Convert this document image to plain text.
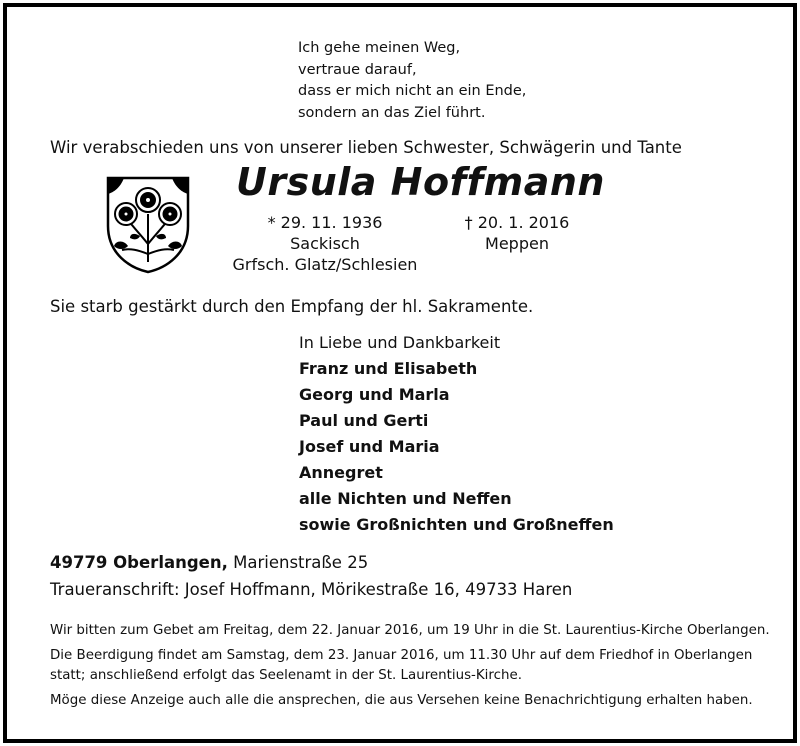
Ich gehe meinen Weg,
vertraue darauf,
dass er mich nicht an ein Ende,
sondern an das Ziel führt.
Wir verabschieden uns von unserer lieben Schwester, Schwägerin und Tante
Ursula Hoffmann
* 29. 11. 1936
Sackisch
Grfsch. Glatz/Schlesien
† 20. 1. 2016
Meppen
Sie starb gestärkt durch den Empfang der hl. Sakramente.
In Liebe und Dankbarkeit
Franz und Elisabeth
Georg und Marla
Paul und Gerti
Josef und Maria
Annegret
alle Nichten und Neffen
sowie Großnichten und Großneffen
49779 Oberlangen, Marienstraße 25
Traueranschrift: Josef Hoffmann, Mörikestraße 16, 49733 Haren
Wir bitten zum Gebet am Freitag, dem 22. Januar 2016, um 19 Uhr in die St. Laurentius-Kirche Oberlangen.
Die Beerdigung findet am Samstag, dem 23. Januar 2016, um 11.30 Uhr auf dem Friedhof in Oberlangen
statt; anschließend erfolgt das Seelenamt in der St. Laurentius-Kirche.
Möge diese Anzeige auch alle die ansprechen, die aus Versehen keine Benachrichtigung erhalten haben.
